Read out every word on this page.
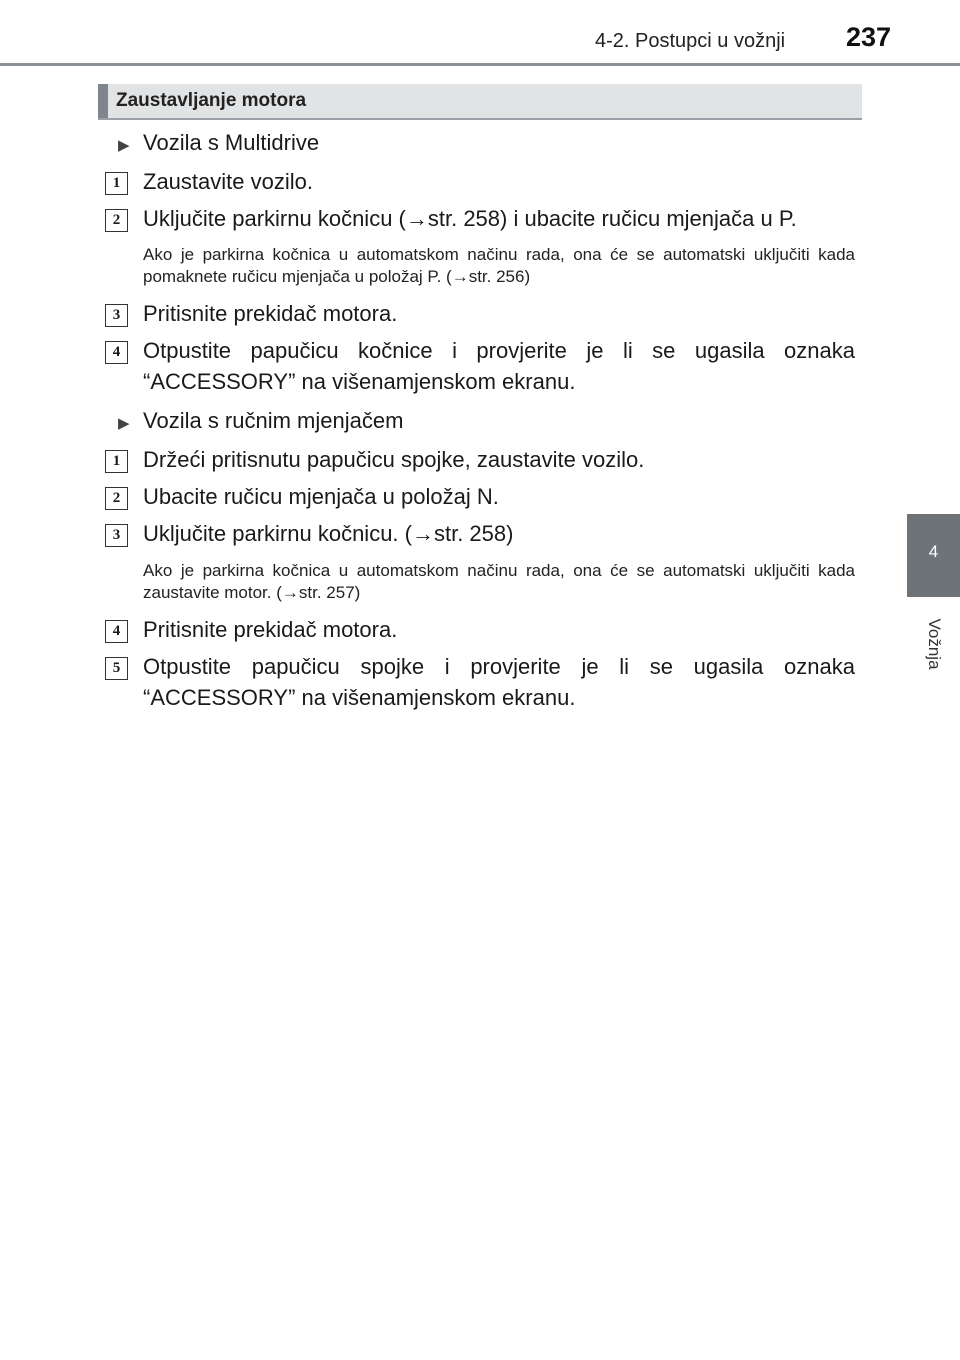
4-2. Postupci u vožnji 237
4
Vožnja
Zaustavljanje motora
▶ Vozila s Multidrive
1	Zaustavite vozilo.
2	Uključite parkirnu kočnicu (→str. 258) i ubacite ručicu mjenjača u P.
Ako je parkirna kočnica u automatskom načinu rada, ona će se automatski uključiti kada pomaknete ručicu mjenjača u položaj P. (→str. 256)
3	Pritisnite prekidač motora.
4	Otpustite papučicu kočnice i provjerite je li se ugasila oznaka “ACCESSORY” na višenamjenskom ekranu.
▶ Vozila s ručnim mjenjačem
1	Držeći pritisnutu papučicu spojke, zaustavite vozilo.
2	Ubacite ručicu mjenjača u položaj N.
3	Uključite parkirnu kočnicu. (→str. 258)
Ako je parkirna kočnica u automatskom načinu rada, ona će se automatski uključiti kada zaustavite motor. (→str. 257)
4	Pritisnite prekidač motora.
5	Otpustite papučicu spojke i provjerite je li se ugasila oznaka “ACCESSORY” na višenamjenskom ekranu.
